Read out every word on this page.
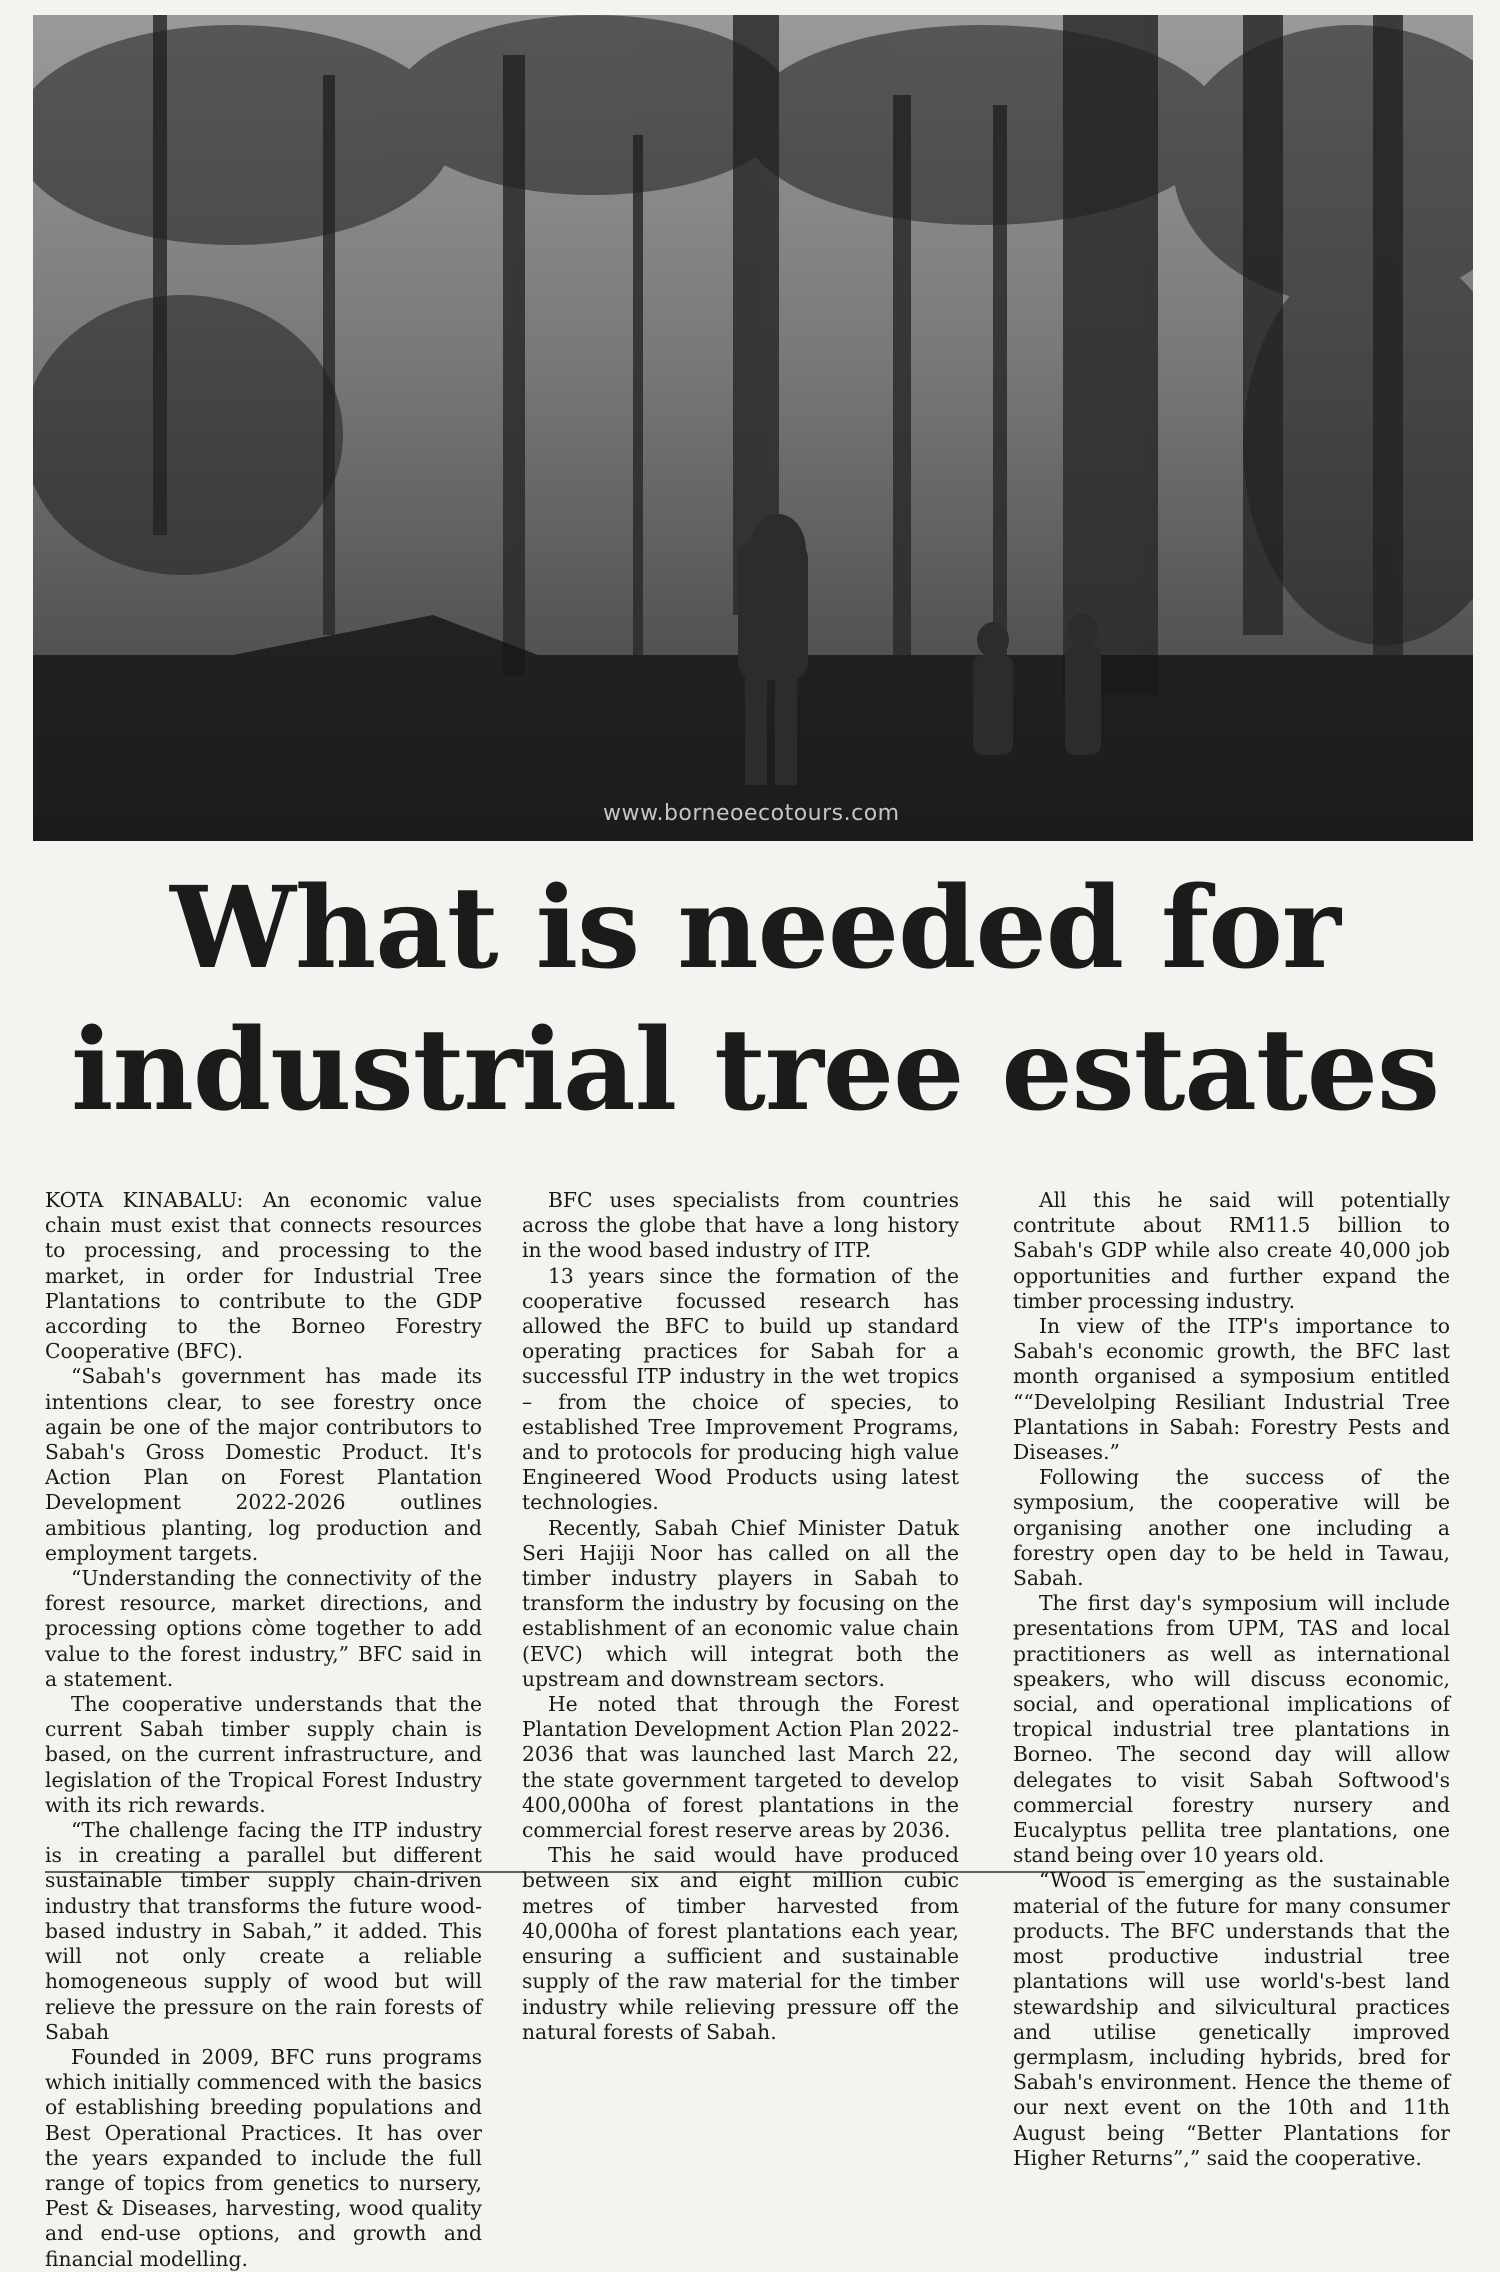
www.borneoecotours.com
What is needed for
industrial tree estates

KOTA KINABALU: An economic value chain must exist that connects resources to processing, and processing to the market, in order for Industrial Tree Plantations to contribute to the GDP according to the Borneo Forestry Cooperative (BFC).

“Sabah's government has made its intentions clear, to see forestry once again be one of the major contributors to Sabah's Gross Domestic Product. It's Action Plan on Forest Plantation Development 2022-2026 outlines ambitious planting, log production and employment targets.

“Understanding the connectivity of the forest resource, market directions, and processing options còme together to add value to the forest industry,” BFC said in a statement.

The cooperative understands that the current Sabah timber supply chain is based, on the current infrastructure, and legislation of the Tropical Forest Industry with its rich rewards.

“The challenge facing the ITP industry is in creating a parallel but different sustainable timber supply chain-driven industry that transforms the future wood-based industry in Sabah,” it added. This will not only create a reliable homogeneous supply of wood but will relieve the pressure on the rain forests of Sabah

Founded in 2009, BFC runs programs which initially commenced with the basics of establishing breeding populations and Best Operational Practices. It has over the years expanded to include the full range of topics from genetics to nursery, Pest & Diseases, harvesting, wood quality and end-use options, and growth and financial modelling.

BFC uses specialists from countries across the globe that have a long history in the wood based industry of ITP.

13 years since the formation of the cooperative focussed research has allowed the BFC to build up standard operating practices for Sabah for a successful ITP industry in the wet tropics – from the choice of species, to established Tree Improvement Programs, and to protocols for producing high value Engineered Wood Products using latest technologies.

Recently, Sabah Chief Minister Datuk Seri Hajiji Noor has called on all the timber industry players in Sabah to transform the industry by focusing on the establishment of an economic value chain (EVC) which will integrat both the upstream and downstream sectors.

He noted that through the Forest Plantation Development Action Plan 2022-2036 that was launched last March 22, the state government targeted to develop 400,000ha of forest plantations in the commercial forest reserve areas by 2036.

This he said would have produced between six and eight million cubic metres of timber harvested from 40,000ha of forest plantations each year, ensuring a sufficient and sustainable supply of the raw material for the timber industry while relieving pressure off the natural forests of Sabah.

All this he said will potentially contritute about RM11.5 billion to Sabah's GDP while also create 40,000 job opportunities and further expand the timber processing industry.

In view of the ITP's importance to Sabah's economic growth, the BFC last month organised a symposium entitled ““Develolping Resiliant Industrial Tree Plantations in Sabah: Forestry Pests and Diseases.”

Following the success of the symposium, the cooperative will be organising another one including a forestry open day to be held in Tawau, Sabah.

The first day's symposium will include presentations from UPM, TAS and local practitioners as well as international speakers, who will discuss economic, social, and operational implications of tropical industrial tree plantations in Borneo. The second day will allow delegates to visit Sabah Softwood's commercial forestry nursery and Eucalyptus pellita tree plantations, one stand being over 10 years old.

“Wood is emerging as the sustainable material of the future for many consumer products. The BFC understands that the most productive industrial tree plantations will use world's-best land stewardship and silvicultural practices and utilise genetically improved germplasm, including hybrids, bred for Sabah's environment. Hence the theme of our next event on the 10th and 11th August being “Better Plantations for Higher Returns”,” said the cooperative.
